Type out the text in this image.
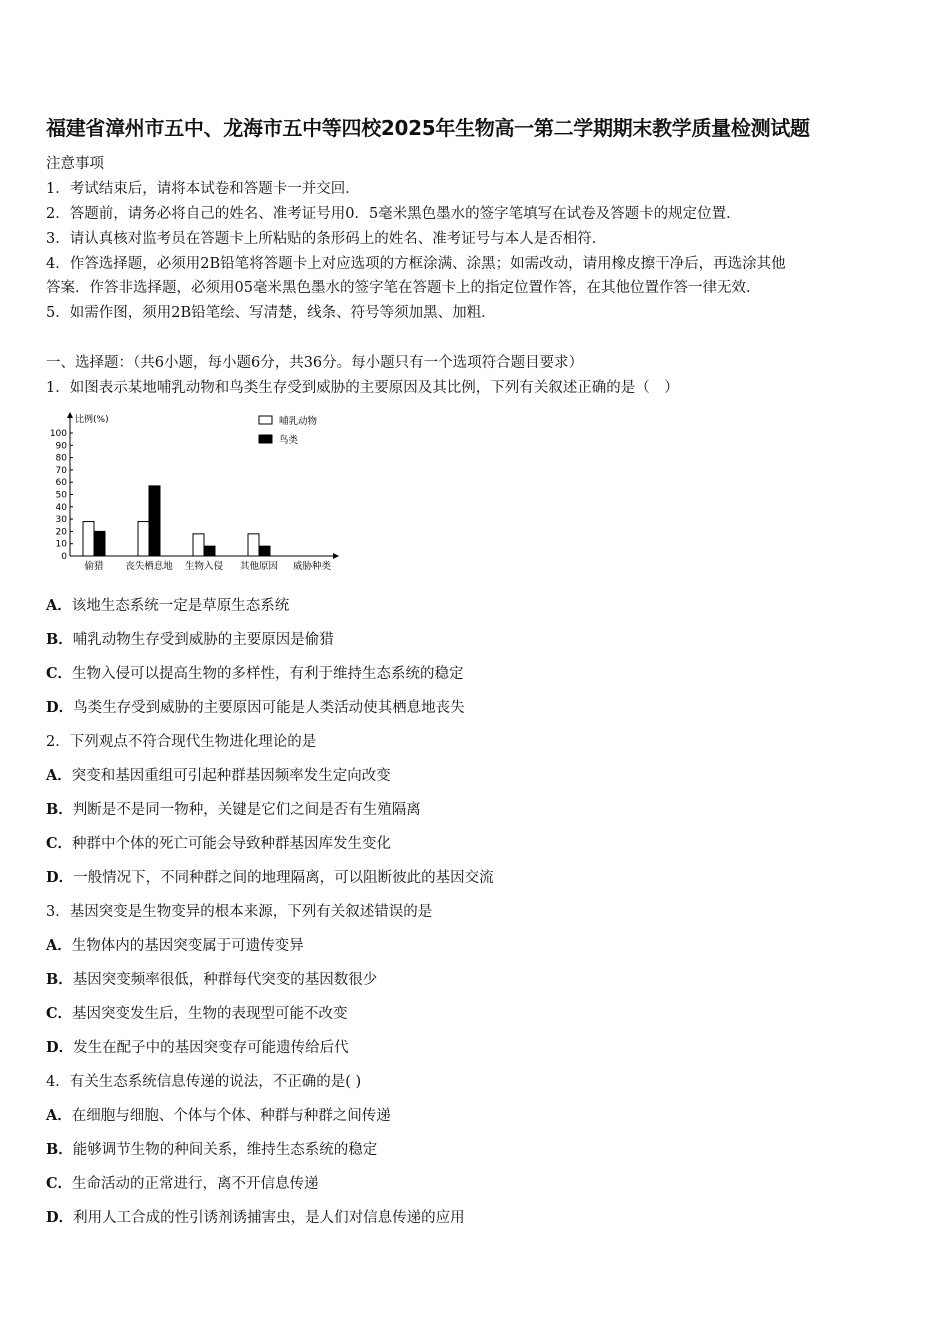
福建省漳州市五中、龙海市五中等四校2025年生物高一第二学期期末教学质量检测试题
注意事项
1．考试结束后，请将本试卷和答题卡一并交回．
2．答题前，请务必将自己的姓名、准考证号用0．5毫米黑色墨水的签字笔填写在试卷及答题卡的规定位置．
3．请认真核对监考员在答题卡上所粘贴的条形码上的姓名、准考证号与本人是否相符．
4．作答选择题，必须用2B铅笔将答题卡上对应选项的方框涂满、涂黑；如需改动，请用橡皮擦干净后，再选涂其他
答案．作答非选择题，必须用05毫米黑色墨水的签字笔在答题卡上的指定位置作答，在其他位置作答一律无效．
5．如需作图，须用2B铅笔绘、写清楚，线条、符号等须加黑、加粗．
一、选择题：（共6小题，每小题6分，共36分。每小题只有一个选项符合题目要求）
1．如图表示某地哺乳动物和鸟类生存受到威胁的主要原因及其比例，下列有关叙述正确的是（　）
0
10
20
30
40
50
60
70
80
90
100
比例(%)
偷猎 丧失栖息地 生物入侵 其他原因 威胁种类
哺乳动物
鸟类
A．该地生态系统一定是草原生态系统
B．哺乳动物生存受到威胁的主要原因是偷猎
C．生物入侵可以提高生物的多样性，有利于维持生态系统的稳定
D．鸟类生存受到威胁的主要原因可能是人类活动使其栖息地丧失
2．下列观点不符合现代生物进化理论的是
A．突变和基因重组可引起种群基因频率发生定向改变
B．判断是不是同一物种，关键是它们之间是否有生殖隔离
C．种群中个体的死亡可能会导致种群基因库发生变化
D．一般情况下，不同种群之间的地理隔离，可以阻断彼此的基因交流
3．基因突变是生物变异的根本来源，下列有关叙述错误的是
A．生物体内的基因突变属于可遗传变异
B．基因突变频率很低，种群每代突变的基因数很少
C．基因突变发生后，生物的表现型可能不改变
D．发生在配子中的基因突变存可能遗传给后代
4．有关生态系统信息传递的说法，不正确的是( )
A．在细胞与细胞、个体与个体、种群与种群之间传递
B．能够调节生物的种间关系，维持生态系统的稳定
C．生命活动的正常进行，离不开信息传递
D．利用人工合成的性引诱剂诱捕害虫，是人们对信息传递的应用
